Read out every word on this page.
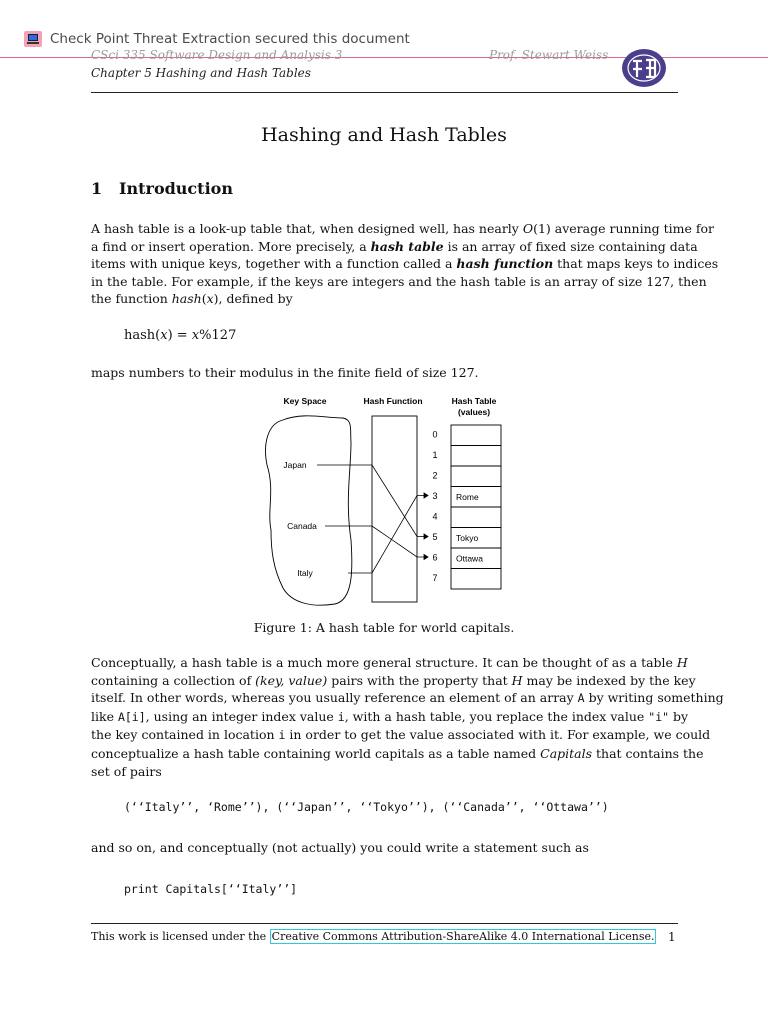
Check Point Threat Extraction secured this document
CSci 335 Software Design and Analysis 3
Chapter 5 Hashing and Hash Tables
Prof. Stewart Weiss
Hashing and Hash Tables
1 Introduction
A hash table is a look-up table that, when designed well, has nearly O(1) average running time for
a find or insert operation. More precisely, a hash table is an array of fixed size containing data
items with unique keys, together with a function called a hash function that maps keys to indices
in the table. For example, if the keys are integers and the hash table is an array of size 127, then
the function hash(x), defined by
hash(x) = x%127
maps numbers to their modulus in the finite field of size 127.
Key Space	Hash Function	Hash Table
(values)
Japan
Canada
Italy
Rome
Tokyo
Ottawa
0
1
2
3
4
5
6
7
Figure 1: A hash table for world capitals.
Conceptually, a hash table is a much more general structure. It can be thought of as a table H
containing a collection of (key, value) pairs with the property that H may be indexed by the key
itself. In other words, whereas you usually reference an element of an array A by writing something
like A[i], using an integer index value i, with a hash table, you replace the index value "i" by
the key contained in location i in order to get the value associated with it. For example, we could
conceptualize a hash table containing world capitals as a table named Capitals that contains the
set of pairs
(‘‘Italy’’, ‘Rome’’), (‘‘Japan’’, ‘‘Tokyo’’), (‘‘Canada’’, ‘‘Ottawa’’)
and so on, and conceptually (not actually) you could write a statement such as
print Capitals[‘‘Italy’’]
This work is licensed under the Creative Commons Attribution-ShareAlike 4.0 International License. 1
